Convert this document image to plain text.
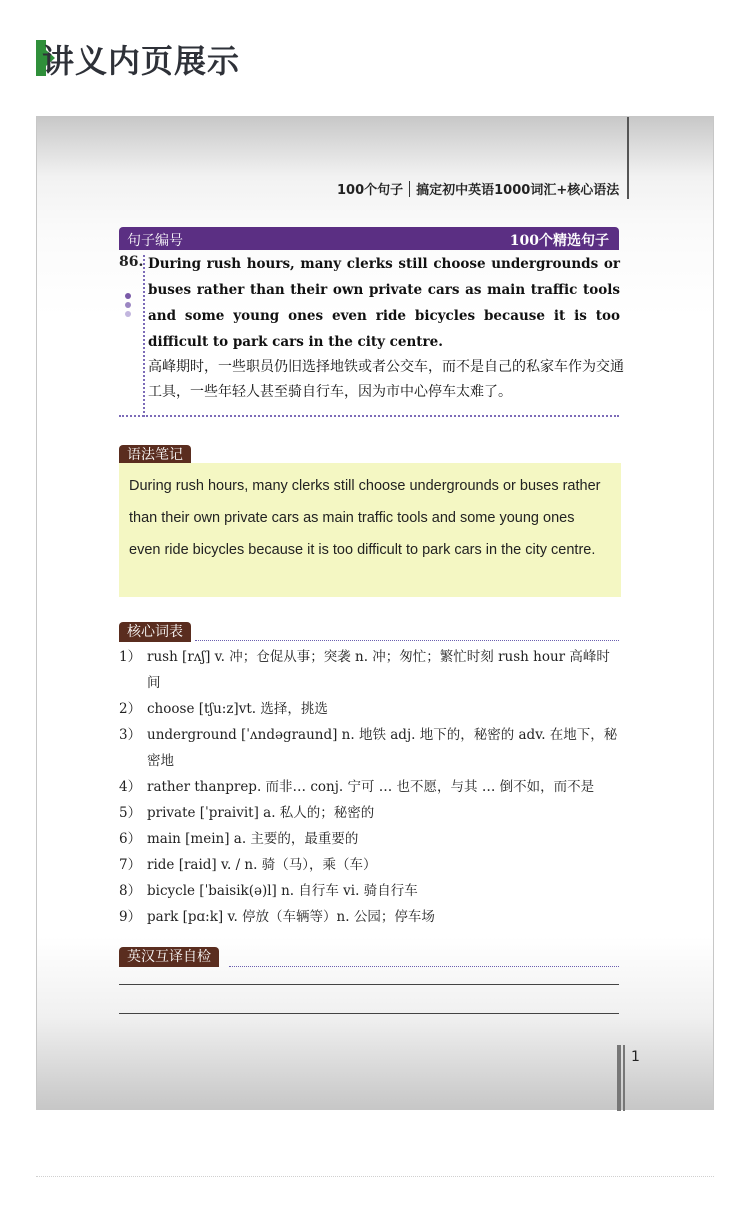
讲义内页展示
100个句子 搞定初中英语1000词汇+核心语法
句子编号	100个精选句子
86. During rush hours, many clerks still choose undergrounds or buses rather than their own private cars as main traffic tools and some young ones even ride bicycles because it is too difficult to park cars in the city centre.
高峰期时，一些职员仍旧选择地铁或者公交车，而不是自己的私家车作为交通工具，一些年轻人甚至骑自行车，因为市中心停车太难了。
语法笔记
During rush hours, many clerks still choose undergrounds or buses rather than their own private cars as main traffic tools and some young ones even ride bicycles because it is too difficult to park cars in the city centre.
核心词表
1） rush [rʌʃ] v. 冲；仓促从事；突袭 n. 冲；匆忙；繁忙时刻 rush hour 高峰时间
2） choose [tʃu:z]vt. 选择，挑选
3） underground [ˈʌndəgraund] n. 地铁 adj. 地下的，秘密的 adv. 在地下，秘密地
4） rather thanprep. 而非… conj. 宁可 … 也不愿，与其 … 倒不如，而不是
5） private [ˈpraivit] a. 私人的；秘密的
6） main [mein] a. 主要的，最重要的
7） ride [raid] v. / n. 骑（马），乘（车）
8） bicycle [ˈbaisik(ə)l] n. 自行车 vi. 骑自行车
9） park [pɑ:k] v. 停放（车辆等）n. 公园；停车场
英汉互译自检
1
